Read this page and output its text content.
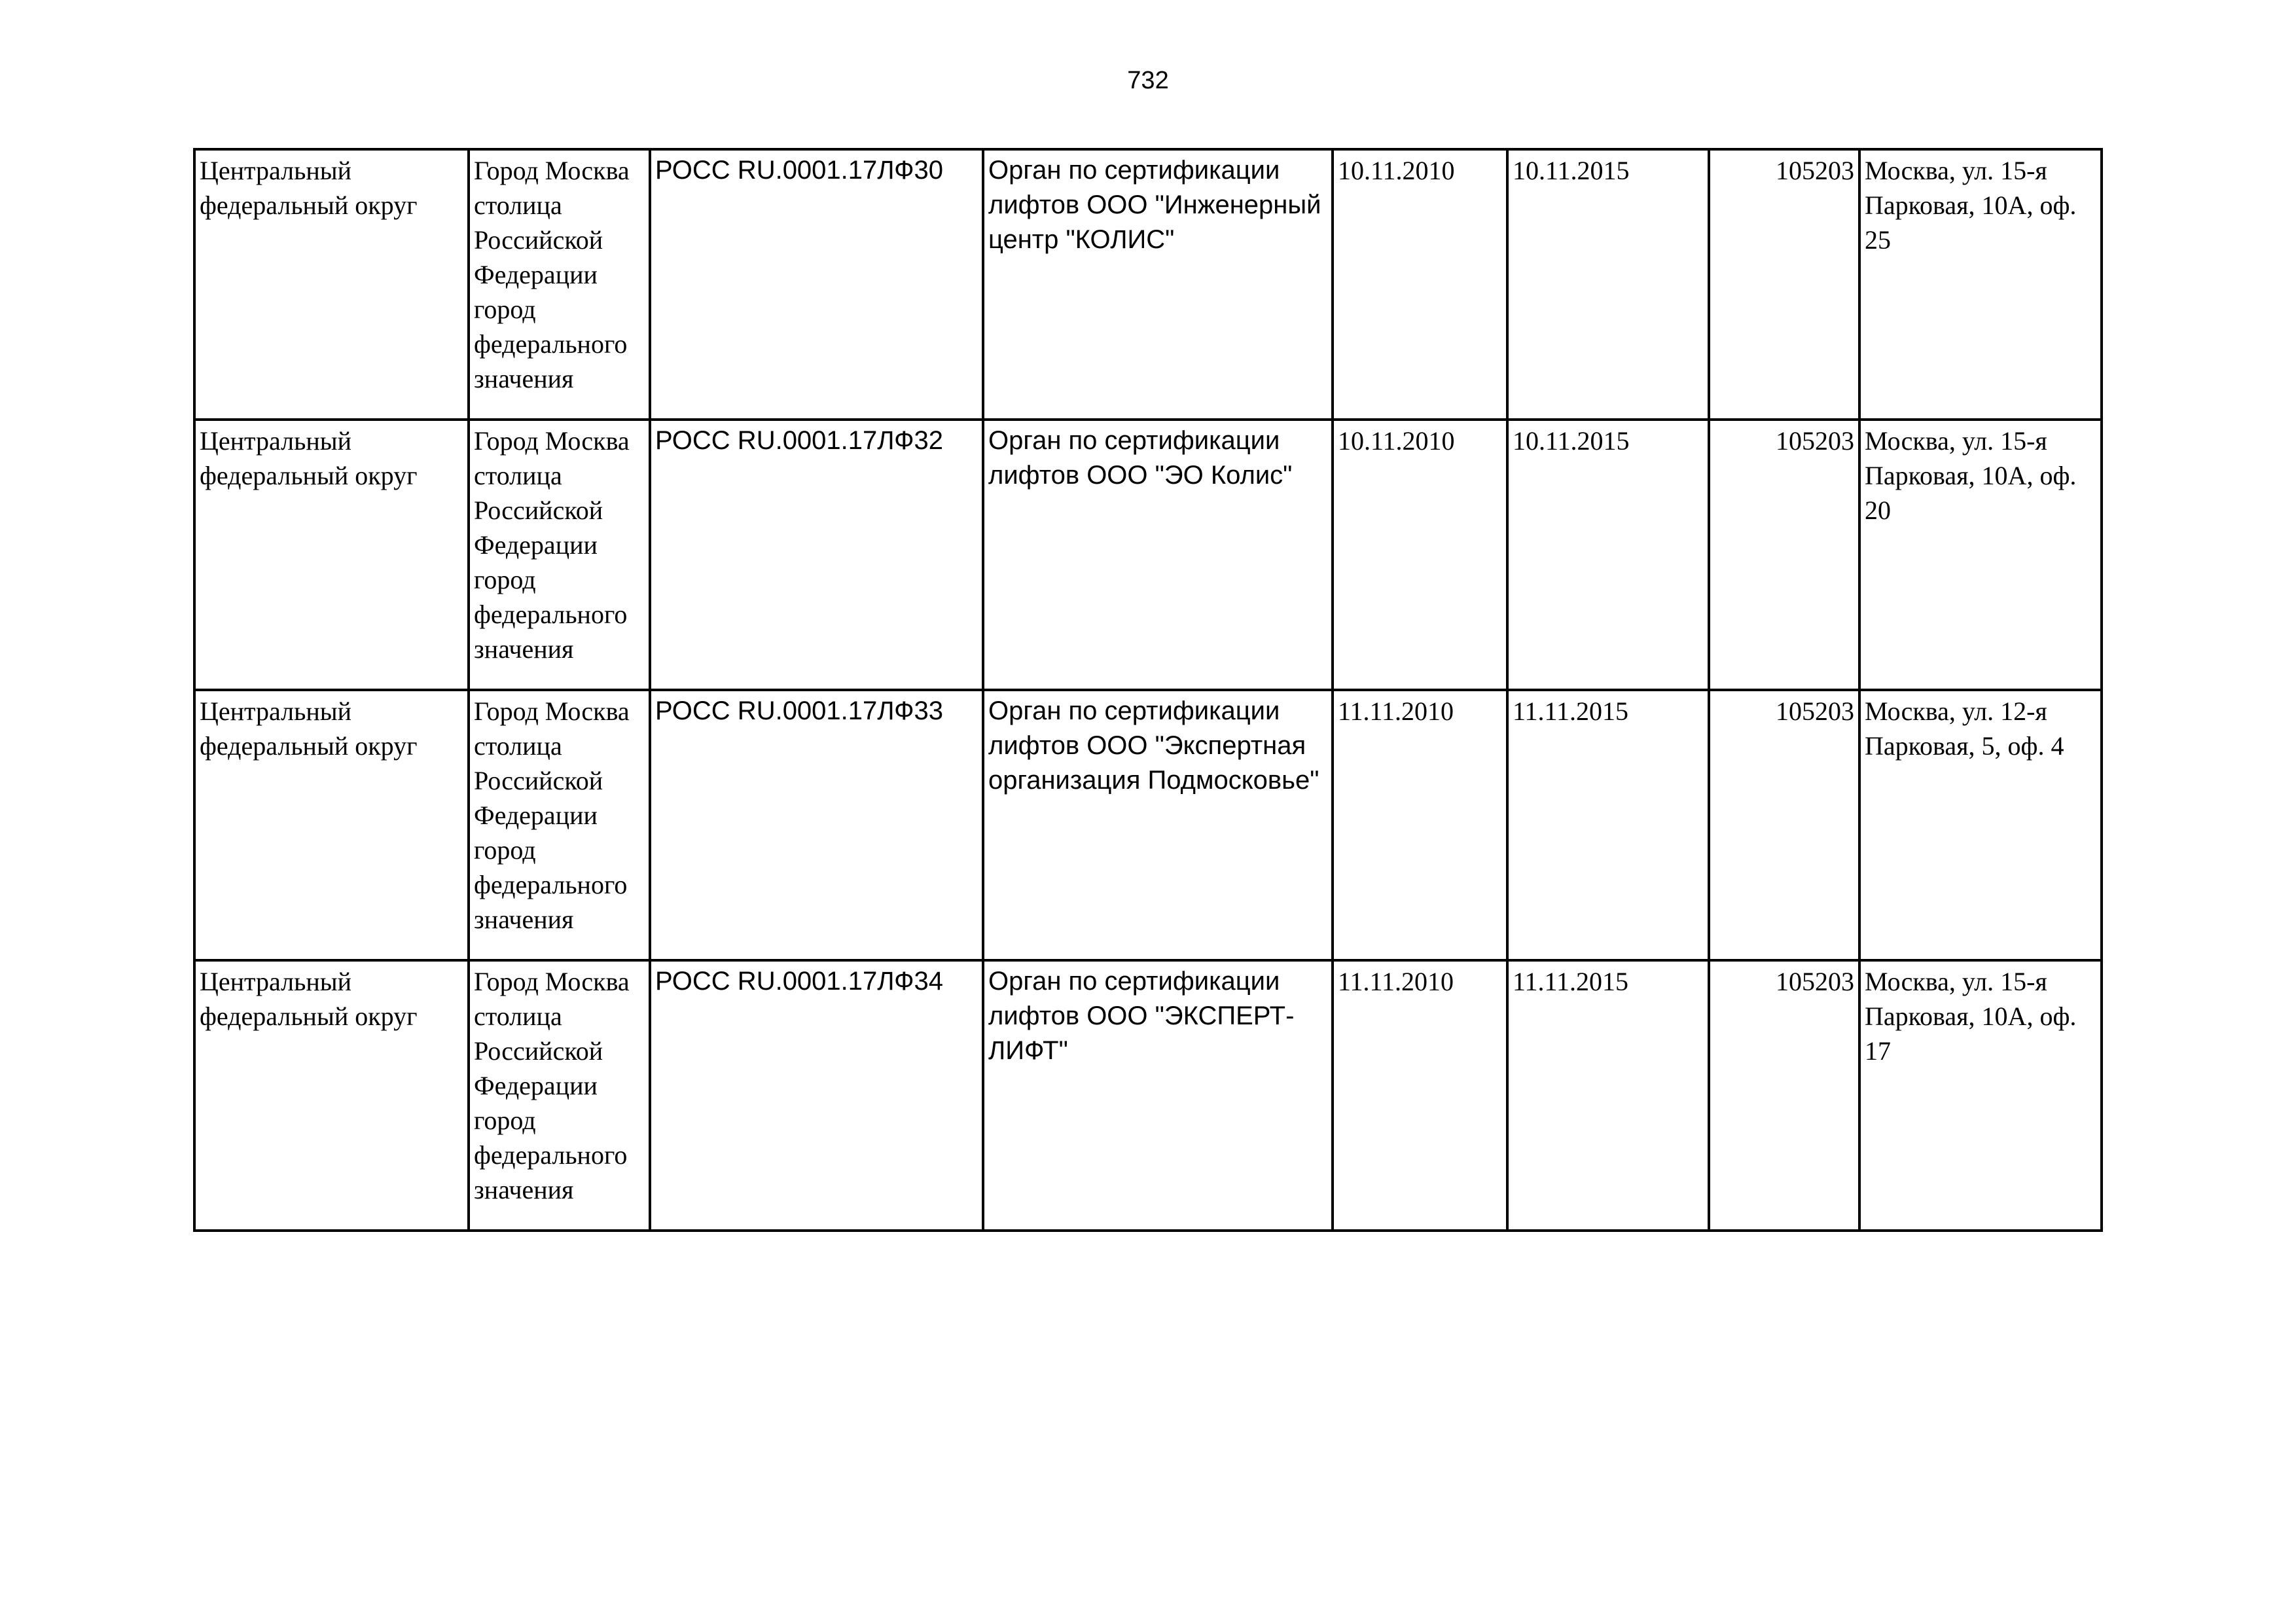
732
Центральный федеральный округ	Город Москва столица Российской Федерации город федерального значения	РОСС RU.0001.17ЛФ30	Орган по сертификации лифтов ООО "Инженерный центр "КОЛИС"	10.11.2010	10.11.2015	105203	Москва, ул. 15-я Парковая, 10А, оф. 25

Центральный федеральный округ	Город Москва столица Российской Федерации город федерального значения	РОСС RU.0001.17ЛФ32	Орган по сертификации лифтов ООО "ЭО Колис"	10.11.2010	10.11.2015	105203	Москва, ул. 15-я Парковая, 10А, оф. 20

Центральный федеральный округ	Город Москва столица Российской Федерации город федерального значения	РОСС RU.0001.17ЛФ33	Орган по сертификации лифтов ООО "Экспертная организация Подмосковье"	11.11.2010	11.11.2015	105203	Москва, ул. 12-я Парковая, 5, оф. 4

Центральный федеральный округ	Город Москва столица Российской Федерации город федерального значения	РОСС RU.0001.17ЛФ34	Орган по сертификации лифтов ООО "ЭКСПЕРТ-ЛИФТ"	11.11.2010	11.11.2015	105203	Москва, ул. 15-я Парковая, 10А, оф. 17
